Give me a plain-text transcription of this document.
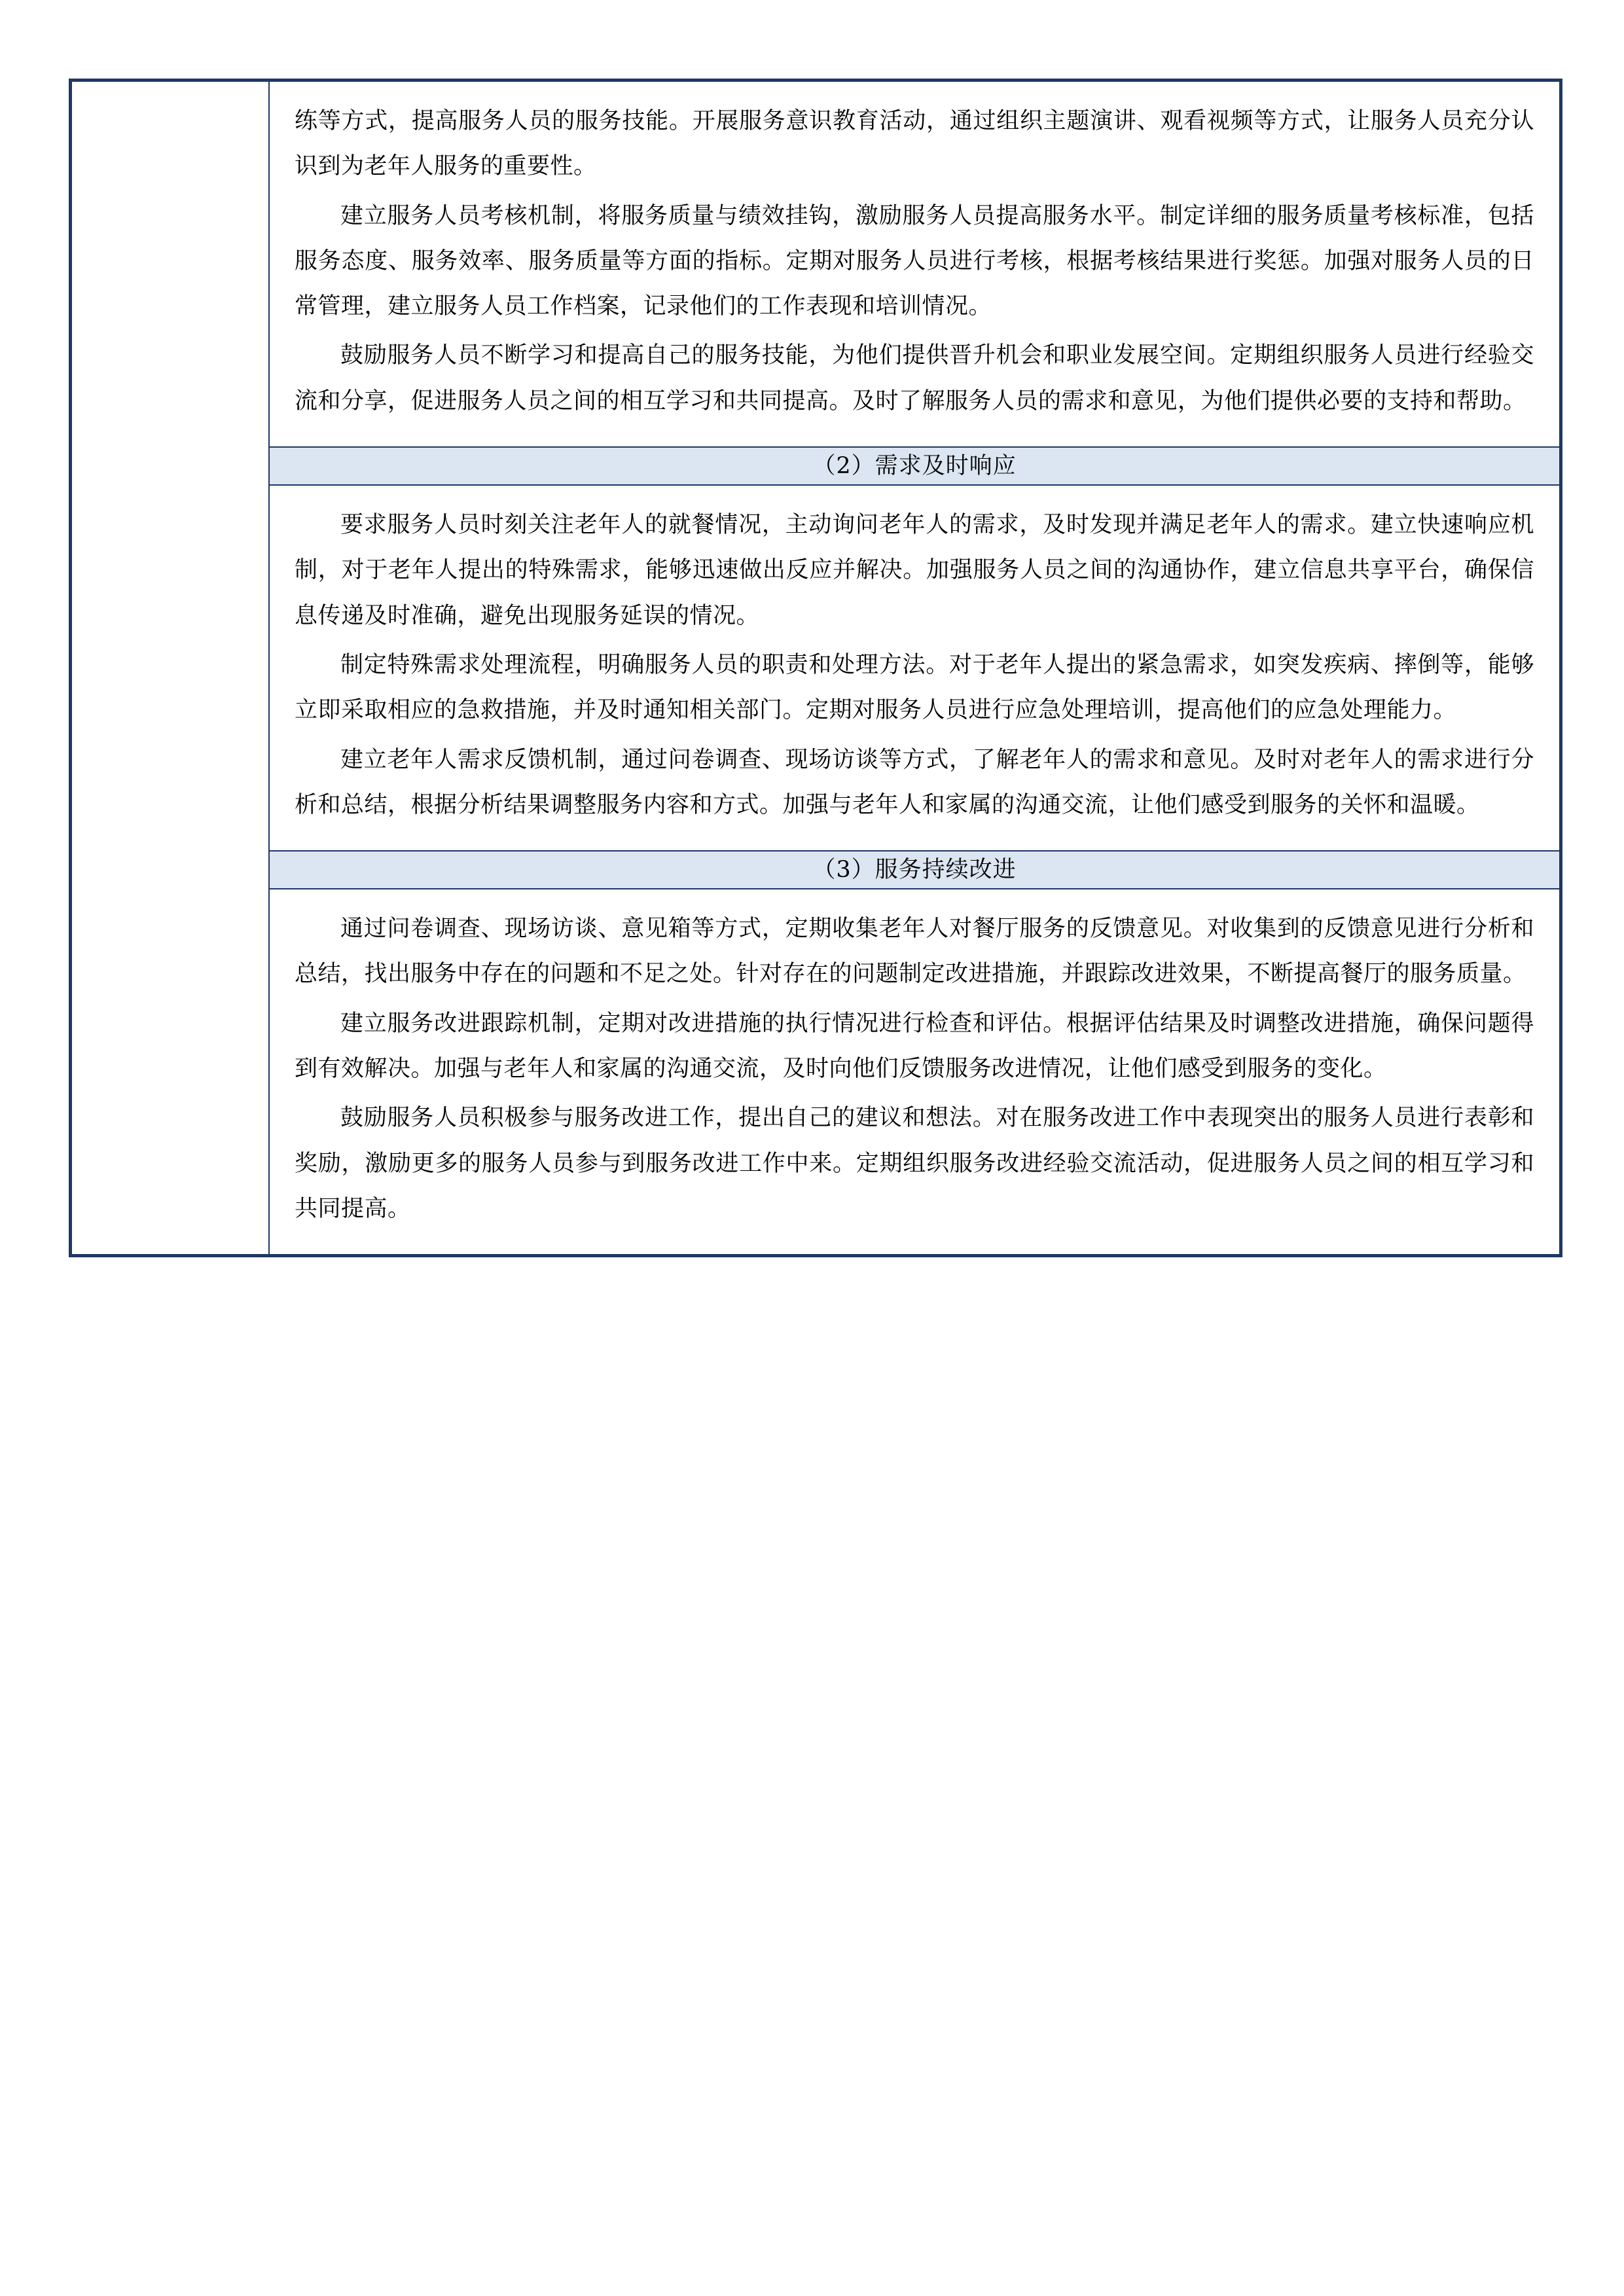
练等方式，提高服务人员的服务技能。开展服务意识教育活动，通过组织主题演讲、观看视频等方式，让服务人员充分认识到为老年人服务的重要性。

建立服务人员考核机制，将服务质量与绩效挂钩，激励服务人员提高服务水平。制定详细的服务质量考核标准，包括服务态度、服务效率、服务质量等方面的指标。定期对服务人员进行考核，根据考核结果进行奖惩。加强对服务人员的日常管理，建立服务人员工作档案，记录他们的工作表现和培训情况。

鼓励服务人员不断学习和提高自己的服务技能，为他们提供晋升机会和职业发展空间。定期组织服务人员进行经验交流和分享，促进服务人员之间的相互学习和共同提高。及时了解服务人员的需求和意见，为他们提供必要的支持和帮助。

（2）需求及时响应

要求服务人员时刻关注老年人的就餐情况，主动询问老年人的需求，及时发现并满足老年人的需求。建立快速响应机制，对于老年人提出的特殊需求，能够迅速做出反应并解决。加强服务人员之间的沟通协作，建立信息共享平台，确保信息传递及时准确，避免出现服务延误的情况。

制定特殊需求处理流程，明确服务人员的职责和处理方法。对于老年人提出的紧急需求，如突发疾病、摔倒等，能够立即采取相应的急救措施，并及时通知相关部门。定期对服务人员进行应急处理培训，提高他们的应急处理能力。

建立老年人需求反馈机制，通过问卷调查、现场访谈等方式，了解老年人的需求和意见。及时对老年人的需求进行分析和总结，根据分析结果调整服务内容和方式。加强与老年人和家属的沟通交流，让他们感受到服务的关怀和温暖。

（3）服务持续改进

通过问卷调查、现场访谈、意见箱等方式，定期收集老年人对餐厅服务的反馈意见。对收集到的反馈意见进行分析和总结，找出服务中存在的问题和不足之处。针对存在的问题制定改进措施，并跟踪改进效果，不断提高餐厅的服务质量。

建立服务改进跟踪机制，定期对改进措施的执行情况进行检查和评估。根据评估结果及时调整改进措施，确保问题得到有效解决。加强与老年人和家属的沟通交流，及时向他们反馈服务改进情况，让他们感受到服务的变化。

鼓励服务人员积极参与服务改进工作，提出自己的建议和想法。对在服务改进工作中表现突出的服务人员进行表彰和奖励，激励更多的服务人员参与到服务改进工作中来。定期组织服务改进经验交流活动，促进服务人员之间的相互学习和共同提高。
